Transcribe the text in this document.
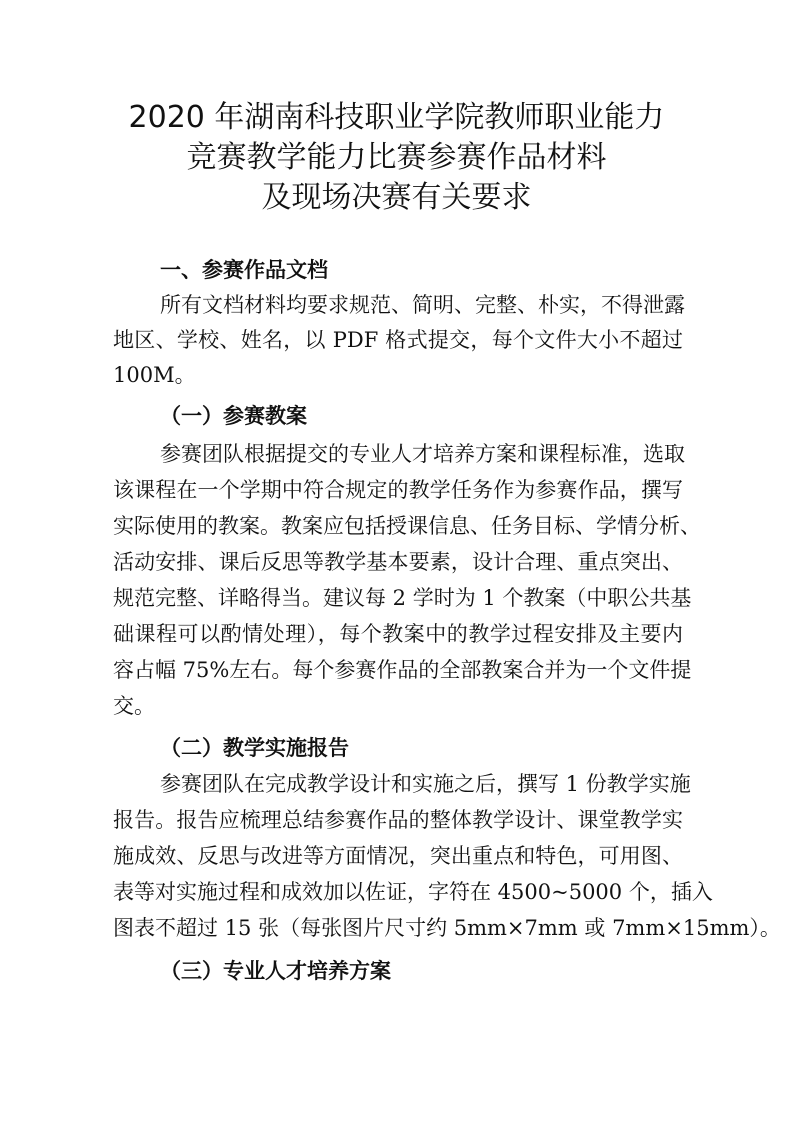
2020 年湖南科技职业学院教师职业能力
竞赛教学能力比赛参赛作品材料
及现场决赛有关要求
一、参赛作品文档
所有文档材料均要求规范、简明、完整、朴实，不得泄露
地区、学校、姓名，以 PDF 格式提交，每个文件大小不超过
100M。
（一）参赛教案
参赛团队根据提交的专业人才培养方案和课程标准，选取
该课程在一个学期中符合规定的教学任务作为参赛作品，撰写
实际使用的教案。教案应包括授课信息、任务目标、学情分析、
活动安排、课后反思等教学基本要素，设计合理、重点突出、
规范完整、详略得当。建议每 2 学时为 1 个教案（中职公共基
础课程可以酌情处理），每个教案中的教学过程安排及主要内
容占幅 75%左右。每个参赛作品的全部教案合并为一个文件提
交。
（二）教学实施报告
参赛团队在完成教学设计和实施之后，撰写 1 份教学实施
报告。报告应梳理总结参赛作品的整体教学设计、课堂教学实
施成效、反思与改进等方面情况，突出重点和特色，可用图、
表等对实施过程和成效加以佐证，字符在 4500~5000 个，插入
图表不超过 15 张（每张图片尺寸约 5mm×7mm 或 7mm×15mm）。
（三）专业人才培养方案
